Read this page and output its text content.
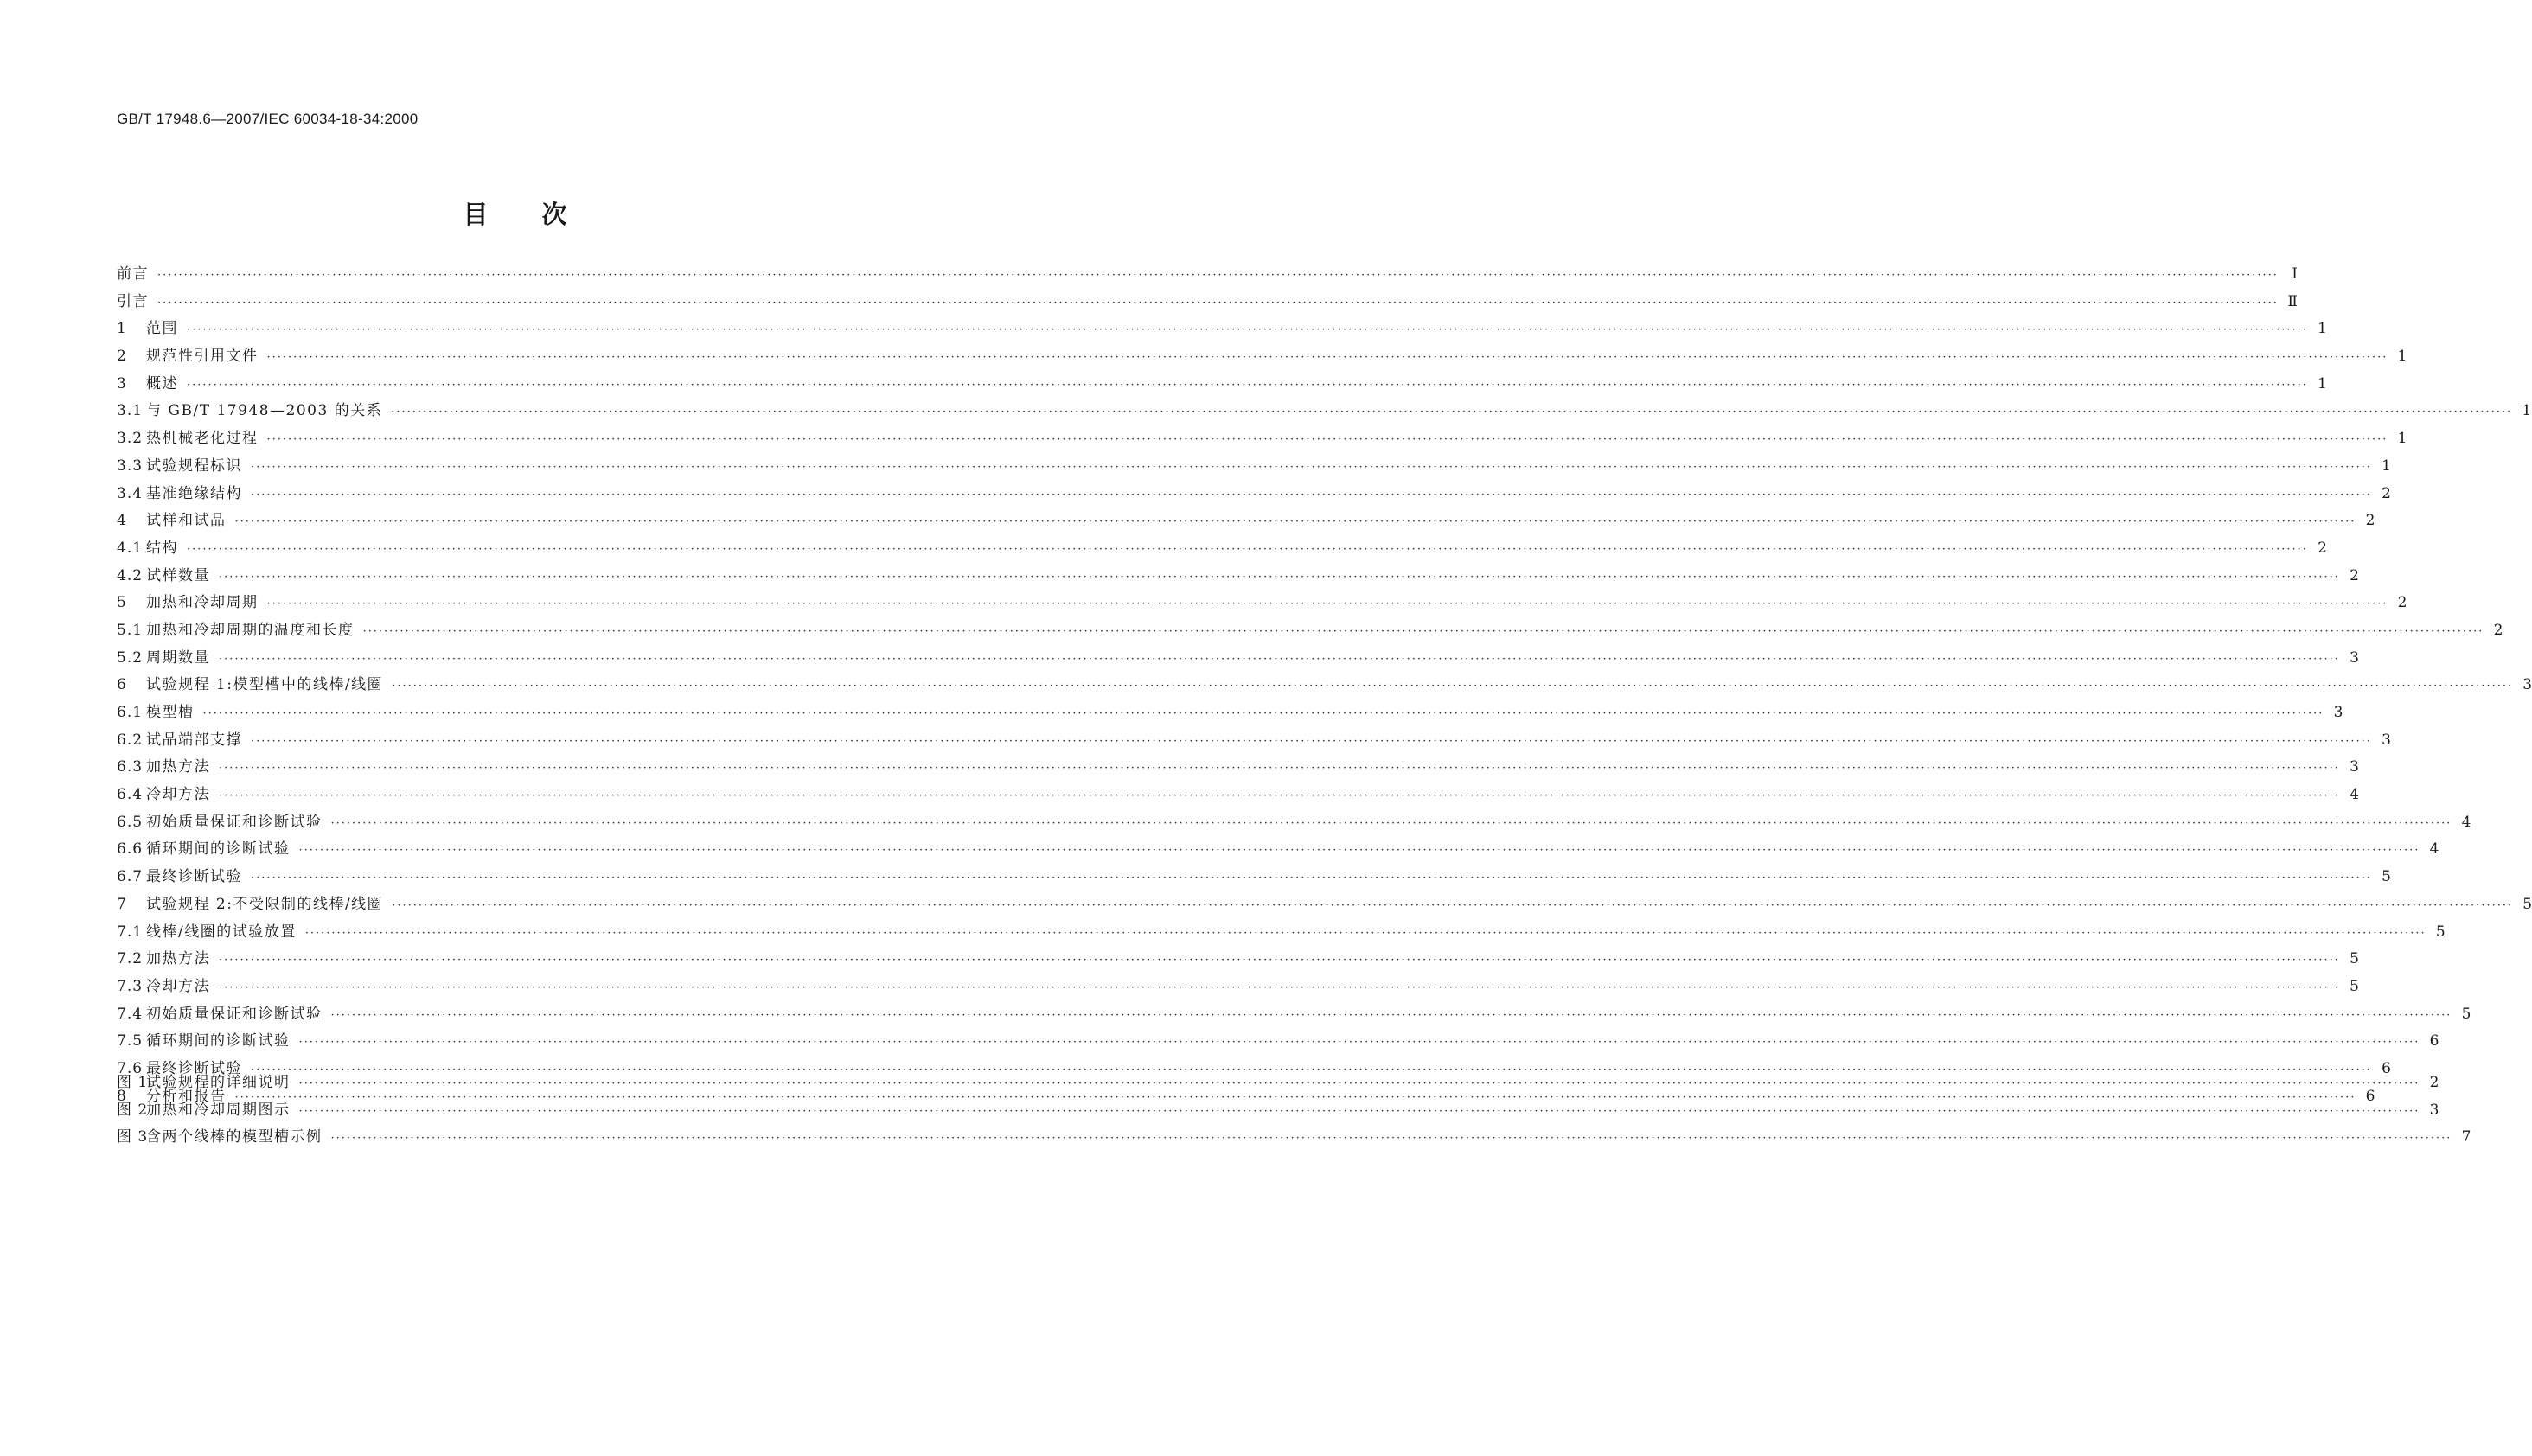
GB/T 17948.6—2007/IEC 60034-18-34:2000
目次
前言 ················································································································································································································································································································································································································ Ⅰ
引言 ················································································································································································································································································································································································································ Ⅱ
1 范围 ················································································································································································································································································································································································································ 1
2 规范性引用文件 ················································································································································································································································································································································································································ 1
3 概述 ················································································································································································································································································································································································································ 1
3.1 与 GB/T 17948—2003 的关系 ················································································································································································································································································································································································································ 1
3.2 热机械老化过程 ················································································································································································································································································································································································································ 1
3.3 试验规程标识 ················································································································································································································································································································································································································ 1
3.4 基准绝缘结构 ················································································································································································································································································································································································································ 2
4 试样和试品 ················································································································································································································································································································································································································ 2
4.1 结构 ················································································································································································································································································································································································································ 2
4.2 试样数量 ················································································································································································································································································································································································································ 2
5 加热和冷却周期 ················································································································································································································································································································································································································ 2
5.1 加热和冷却周期的温度和长度 ················································································································································································································································································································································································································ 2
5.2 周期数量 ················································································································································································································································································································································································································ 3
6 试验规程 1:模型槽中的线棒/线圈 ················································································································································································································································································································································································································ 3
6.1 模型槽 ················································································································································································································································································································································································································ 3
6.2 试品端部支撑 ················································································································································································································································································································································································································ 3
6.3 加热方法 ················································································································································································································································································································································································································ 3
6.4 冷却方法 ················································································································································································································································································································································································································ 4
6.5 初始质量保证和诊断试验 ················································································································································································································································································································································································································ 4
6.6 循环期间的诊断试验 ················································································································································································································································································································································································································ 4
6.7 最终诊断试验 ················································································································································································································································································································································································································ 5
7 试验规程 2:不受限制的线棒/线圈 ················································································································································································································································································································································································································ 5
7.1 线棒/线圈的试验放置 ················································································································································································································································································································································································································ 5
7.2 加热方法 ················································································································································································································································································································································································································ 5
7.3 冷却方法 ················································································································································································································································································································································································································ 5
7.4 初始质量保证和诊断试验 ················································································································································································································································································································································································································ 5
7.5 循环期间的诊断试验 ················································································································································································································································································································································································································ 6
7.6 最终诊断试验 ················································································································································································································································································································································································································ 6
8 分析和报告 ················································································································································································································································································································································································································ 6
图 1
试验规程的详细说明 ················································································································································································································································································································································································································ 2
图 2
加热和冷却周期图示 ················································································································································································································································································································································································································ 3
图 3
含两个线棒的模型槽示例 ················································································································································································································································································································································································································ 7
